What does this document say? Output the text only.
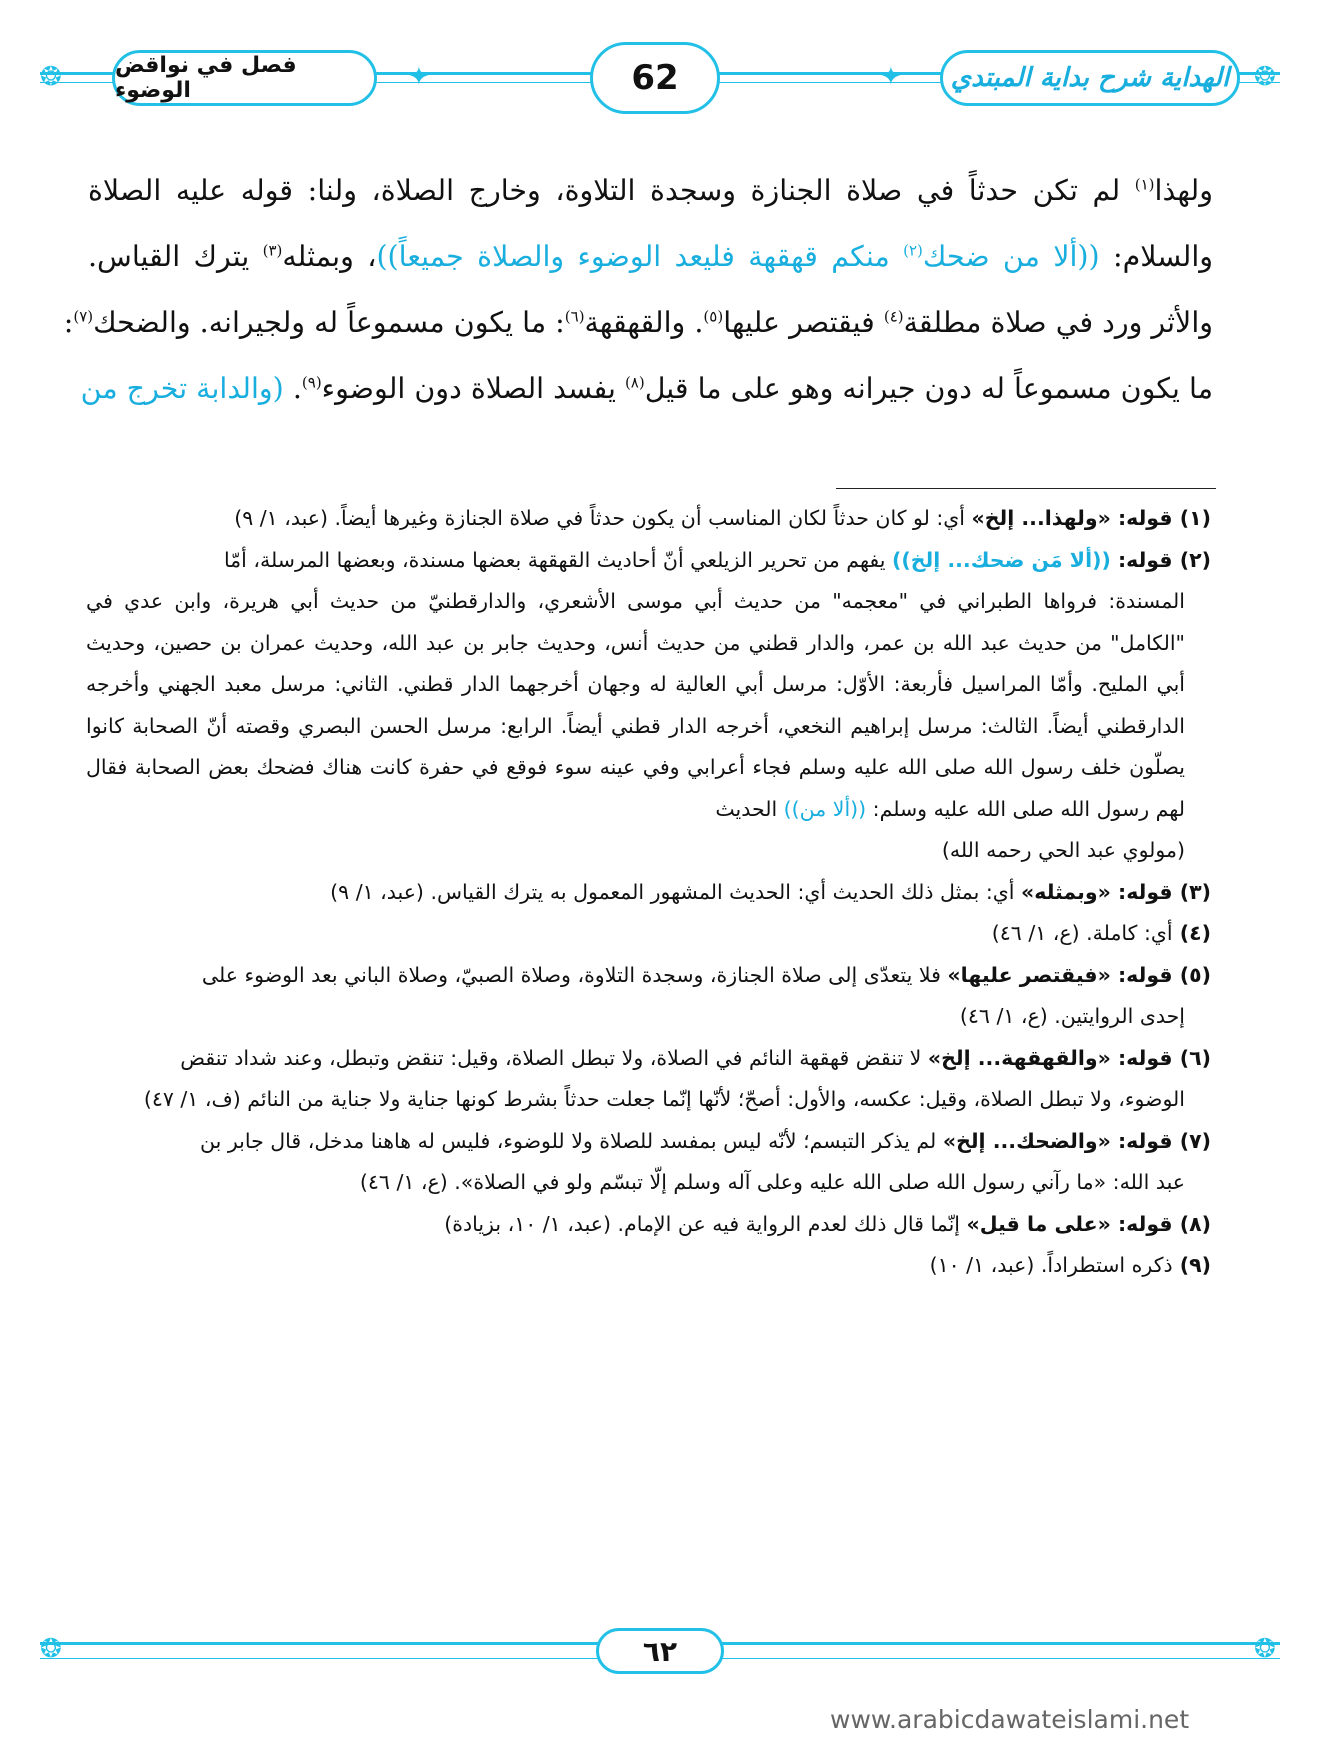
❂	❂
✦	✦	الهداية شرح بداية المبتدي
62
فصل في نواقض الوضوء
ولهذا$^{(١)}$ لم تكن حدثاً في صلاة الجنازة وسجدة التلاوة، وخارج الصلاة، ولنا: قوله عليه الصلاة
والسلام: ((ألا من ضحك$^{(٢)}$ منكم قهقهة فليعد الوضوء والصلاة جميعاً))، وبمثله$^{(٣)}$ يترك القياس.
والأثر ورد في صلاة مطلقة$^{(٤)}$ فيقتصر عليها$^{(٥)}$. والقهقهة$^{(٦)}$: ما يكون مسموعاً له ولجيرانه. والضحك$^{(٧)}$:
ما يكون مسموعاً له دون جيرانه وهو على ما قيل$^{(٨)}$ يفسد الصلاة دون الوضوء$^{(٩)}$. (والدابة تخرج من
(١) قوله: «ولهذا... إلخ» أي: لو كان حدثاً لكان المناسب أن يكون حدثاً في صلاة الجنازة وغيرها أيضاً. (عبد، ١/ ٩)
(٢) قوله: ((ألا مَن ضحك... إلخ)) يفهم من تحرير الزيلعي أنّ أحاديث القهقهة بعضها مسندة، وبعضها المرسلة، أمّا
المسندة: فرواها الطبراني في "معجمه" من حديث أبي موسى الأشعري، والدارقطنيّ من حديث أبي هريرة، وابن عدي في "الكامل" من حديث عبد الله بن عمر، والدار قطني من حديث أنس، وحديث جابر بن عبد الله، وحديث عمران بن حصين، وحديث أبي المليح. وأمّا المراسيل فأربعة: الأوّل: مرسل أبي العالية له وجهان أخرجهما الدار قطني. الثاني: مرسل معبد الجهني وأخرجه الدارقطني أيضاً. الثالث: مرسل إبراهيم النخعي، أخرجه الدار قطني أيضاً. الرابع: مرسل الحسن البصري وقصته أنّ الصحابة كانوا يصلّون خلف رسول الله صلى الله عليه وسلم فجاء أعرابي وفي عينه سوء فوقع في حفرة كانت هناك فضحك بعض الصحابة فقال لهم رسول الله صلى الله عليه وسلم: ((ألا من)) الحديث
(مولوي عبد الحي رحمه الله)
(٣) قوله: «وبمثله» أي: بمثل ذلك الحديث أي: الحديث المشهور المعمول به يترك القياس. (عبد، ١/ ٩)
(٤) أي: كاملة. (ع، ١/ ٤٦)
(٥) قوله: «فيقتصر عليها» فلا يتعدّى إلى صلاة الجنازة، وسجدة التلاوة، وصلاة الصبيّ، وصلاة الباني بعد الوضوء على
إحدى الروايتين. (ع، ١/ ٤٦)
(٦) قوله: «والقهقهة... إلخ» لا تنقض قهقهة النائم في الصلاة، ولا تبطل الصلاة، وقيل: تنقض وتبطل، وعند شداد تنقض
الوضوء، ولا تبطل الصلاة، وقيل: عكسه، والأول: أصحّ؛ لأنّها إنّما جعلت حدثاً بشرط كونها جناية ولا جناية من النائم (ف، ١/ ٤٧)
(٧) قوله: «والضحك... إلخ» لم يذكر التبسم؛ لأنّه ليس بمفسد للصلاة ولا للوضوء، فليس له هاهنا مدخل، قال جابر بن
عبد الله: «ما رآني رسول الله صلى الله عليه وعلى آله وسلم إلّا تبسّم ولو في الصلاة». (ع، ١/ ٤٦)
(٨) قوله: «على ما قيل» إنّما قال ذلك لعدم الرواية فيه عن الإمام. (عبد، ١/ ١٠، بزيادة)
(٩) ذكره استطراداً. (عبد، ١/ ١٠)
❂	❂
٦٢
www.arabicdawateislami.net
